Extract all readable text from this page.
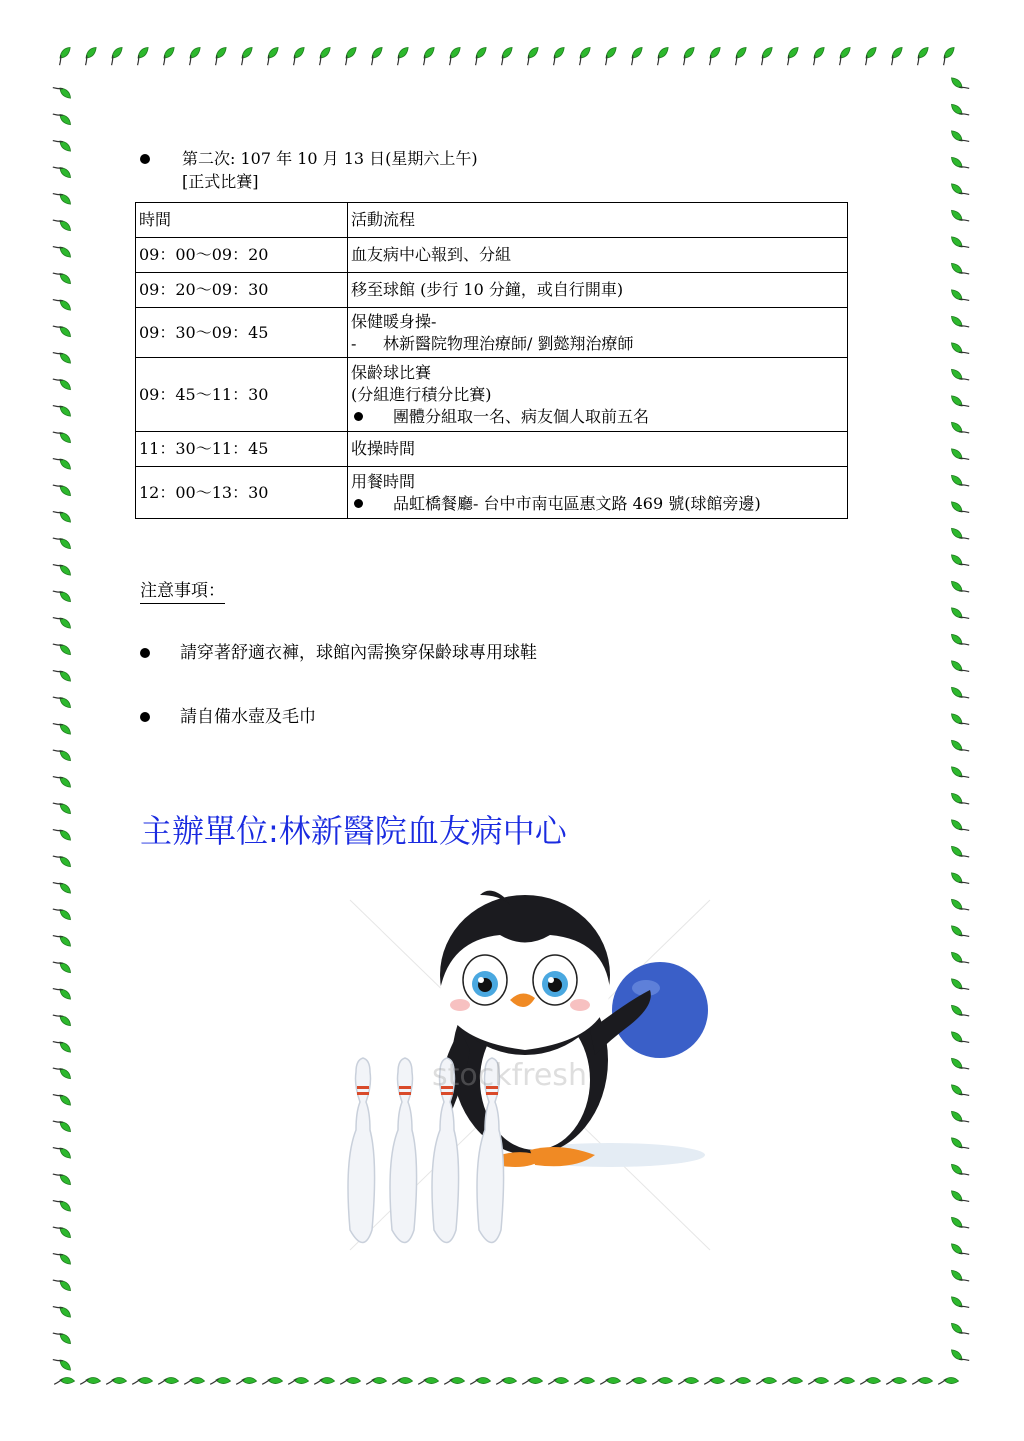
第二次: 107 年 10 月 13 日(星期六上午)
[正式比賽]
時間	活動流程
09：00～09：20	血友病中心報到、分組
09：20～09：30	移至球館 (步行 10 分鐘，或自行開車)
09：30～09：45	保健暖身操-
- 林新醫院物理治療師/ 劉懿翔治療師

09：45～11：30	保齡球比賽
(分組進行積分比賽)
團體分組取一名、病友個人取前五名

11：30～11：45	收操時間
12：00～13：30	用餐時間
品虹橋餐廳- 台中市南屯區惠文路 469 號(球館旁邊)
注意事項：
請穿著舒適衣褲，球館內需換穿保齡球專用球鞋
請自備水壺及毛巾
主辦單位:林新醫院血友病中心
stockfresh
